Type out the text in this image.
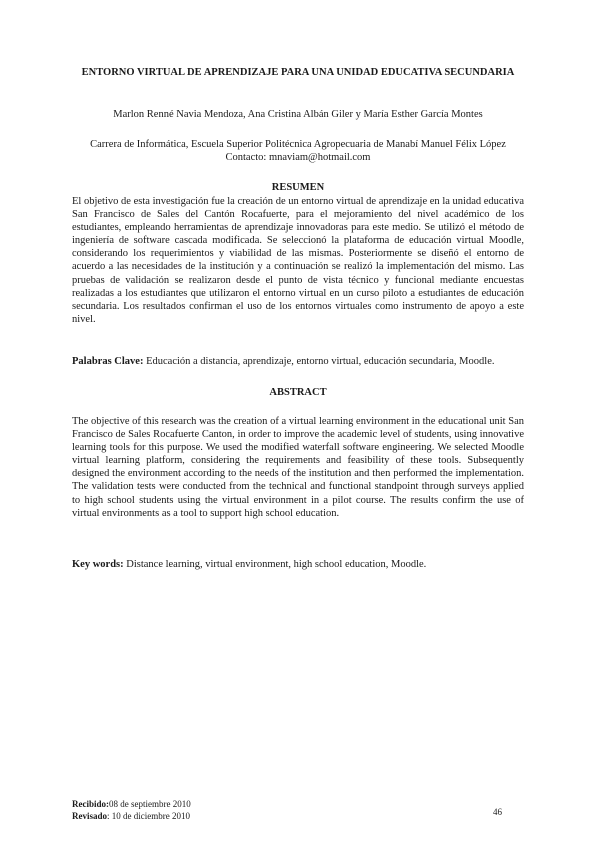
ENTORNO VIRTUAL DE APRENDIZAJE PARA UNA UNIDAD EDUCATIVA SECUNDARIA
Marlon Renné Navia Mendoza, Ana Cristina Albán Giler y María Esther García Montes
Carrera de Informática, Escuela Superior Politécnica Agropecuaria de Manabí Manuel Félix López
Contacto: mnaviam@hotmail.com
RESUMEN

El objetivo de esta investigación fue la creación de un entorno virtual de aprendizaje en la unidad educativa San Francisco de Sales del Cantón Rocafuerte, para el mejoramiento del nivel académico de los estudiantes, empleando herramientas de aprendizaje innovadoras para este medio. Se utilizó el método de ingeniería de software cascada modificada. Se seleccionó la plataforma de educación virtual Moodle, considerando los requerimientos y viabilidad de las mismas. Posteriormente se diseñó el entorno de acuerdo a las necesidades de la institución y a continuación se realizó la implementación del mismo. Las pruebas de validación se realizaron desde el punto de vista técnico y funcional mediante encuestas realizadas a los estudiantes que utilizaron el entorno virtual en un curso piloto a estudiantes de educación secundaria. Los resultados confirman el uso de los entornos virtuales como instrumento de apoyo a este nivel.

Palabras Clave: Educación a distancia, aprendizaje, entorno virtual, educación secundaria, Moodle.

ABSTRACT

The objective of this research was the creation of a virtual learning environment in the educational unit San Francisco de Sales Rocafuerte Canton, in order to improve the academic level of students, using innovative learning tools for this purpose. We used the modified waterfall software engineering. We selected Moodle virtual learning platform, considering the requirements and feasibility of these tools. Subsequently designed the environment according to the needs of the institution and then performed the implementation. The validation tests were conducted from the technical and functional standpoint through surveys applied to high school students using the virtual environment in a pilot course. The results confirm the use of virtual environments as a tool to support high school education.

Key words: Distance learning, virtual environment, high school education, Moodle.

Recibido:08 de septiembre 2010
Revisado: 10 de diciembre 2010	46
